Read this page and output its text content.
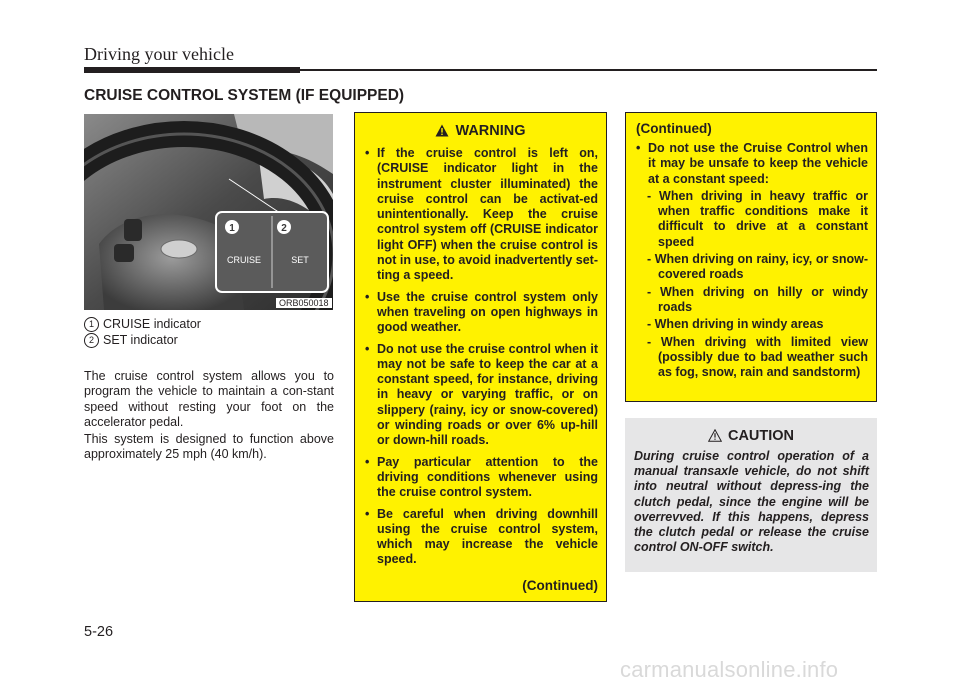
Driving your vehicle
CRUISE CONTROL SYSTEM (IF EQUIPPED)
1	2
CRUISE	SET
ORB050018
1 CRUISE indicator
2 SET indicator
The cruise control system allows you to program the vehicle to maintain a con-stant speed without resting your foot on the accelerator pedal.
This system is designed to function above approximately 25 mph (40 km/h).
WARNING
• If the cruise control is left on, (CRUISE indicator light in the instrument cluster illuminated) the cruise control can be activat-ed unintentionally. Keep the cruise control system off (CRUISE indicator light OFF) when the cruise control is not in use, to avoid inadvertently set-ting a speed.
• Use the cruise control system only when traveling on open highways in good weather.
• Do not use the cruise control when it may not be safe to keep the car at a constant speed, for instance, driving in heavy or varying traffic, or on slippery (rainy, icy or snow-covered) or winding roads or over 6% up-hill or down-hill roads.
• Pay particular attention to the driving conditions whenever using the cruise control system.
• Be careful when driving downhill using the cruise control system, which may increase the vehicle speed.
(Continued)
(Continued)
• Do not use the Cruise Control when it may be unsafe to keep the vehicle at a constant speed:
- When driving in heavy traffic or when traffic conditions make it difficult to drive at a constant speed
- When driving on rainy, icy, or snow-covered roads
- When driving on hilly or windy roads
- When driving in windy areas
- When driving with limited view (possibly due to bad weather such as fog, snow, rain and sandstorm)
CAUTION
During cruise control operation of a manual transaxle vehicle, do not shift into neutral without depress-ing the clutch pedal, since the engine will be overrevved. If this happens, depress the clutch pedal or release the cruise control ON-OFF switch.
5-26
carmanualsonline.info
